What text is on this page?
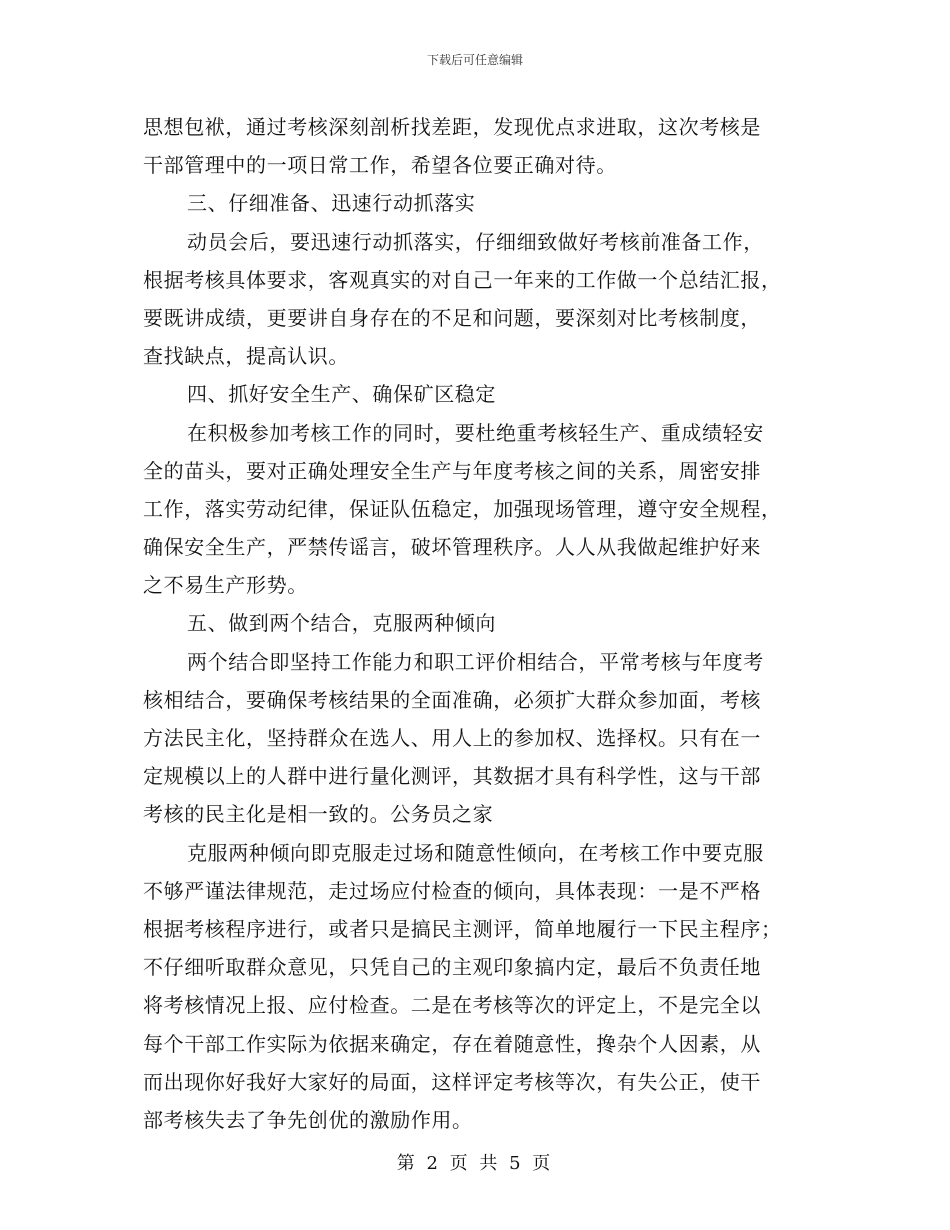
下载后可任意编辑
思想包袱，通过考核深刻剖析找差距，发现优点求进取，这次考核是
干部管理中的一项日常工作，希望各位要正确对待。
三、仔细准备、迅速行动抓落实
动员会后，要迅速行动抓落实，仔细细致做好考核前准备工作，
根据考核具体要求，客观真实的对自己一年来的工作做一个总结汇报，
要既讲成绩，更要讲自身存在的不足和问题，要深刻对比考核制度，
查找缺点，提高认识。
四、抓好安全生产、确保矿区稳定
在积极参加考核工作的同时，要杜绝重考核轻生产、重成绩轻安
全的苗头，要对正确处理安全生产与年度考核之间的关系，周密安排
工作，落实劳动纪律，保证队伍稳定，加强现场管理，遵守安全规程，
确保安全生产，严禁传谣言，破坏管理秩序。人人从我做起维护好来
之不易生产形势。
五、做到两个结合，克服两种倾向
两个结合即坚持工作能力和职工评价相结合，平常考核与年度考
核相结合，要确保考核结果的全面准确，必须扩大群众参加面，考核
方法民主化，坚持群众在选人、用人上的参加权、选择权。只有在一
定规模以上的人群中进行量化测评，其数据才具有科学性，这与干部
考核的民主化是相一致的。公务员之家
克服两种倾向即克服走过场和随意性倾向，在考核工作中要克服
不够严谨法律规范，走过场应付检查的倾向，具体表现：一是不严格
根据考核程序进行，或者只是搞民主测评，简单地履行一下民主程序；
不仔细听取群众意见，只凭自己的主观印象搞内定，最后不负责任地
将考核情况上报、应付检查。二是在考核等次的评定上，不是完全以
每个干部工作实际为依据来确定，存在着随意性，搀杂个人因素，从
而出现你好我好大家好的局面，这样评定考核等次，有失公正，使干
部考核失去了争先创优的激励作用。
第 2 页 共 5 页
